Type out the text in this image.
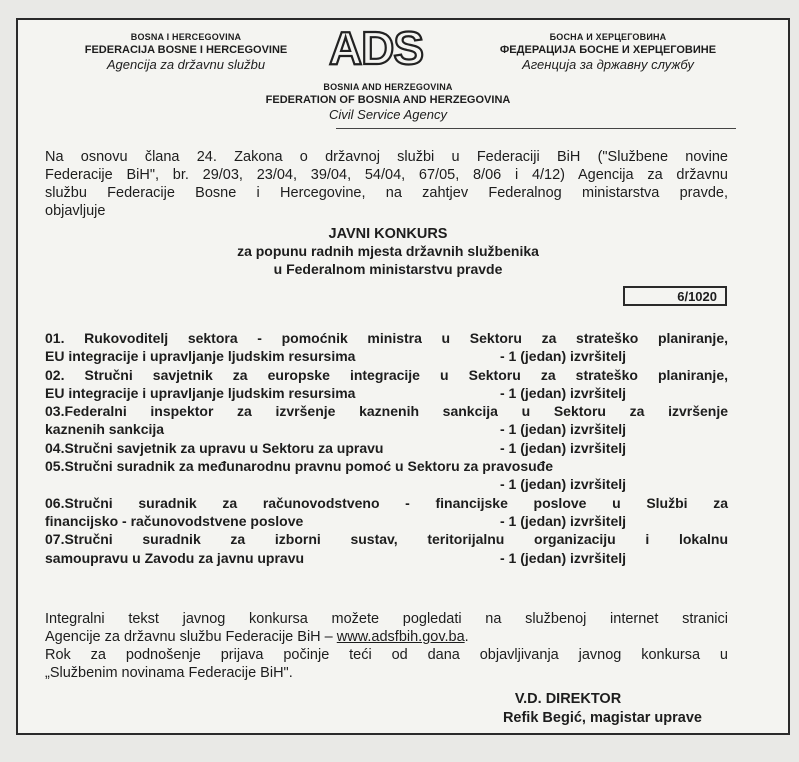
BOSNA I HERCEGOVINA
FEDERACIJA BOSNE I HERCEGOVINE
Agencija za državnu službu	ADS	БОСНА И ХЕРЦЕГОВИНА
ФЕДЕРАЦИЈА БОСНЕ И ХЕРЦЕГОВИНЕ
Агенција за државну службу
BOSNIA AND HERZEGOVINA
FEDERATION OF BOSNIA AND HERZEGOVINA
Civil Service Agency
Na osnovu člana 24. Zakona o državnoj službi u Federaciji BiH ("Službene novine
Federacije BiH", br. 29/03, 23/04, 39/04, 54/04, 67/05, 8/06 i 4/12) Agencija za državnu
službu Federacije Bosne i Hercegovine, na zahtjev Federalnog ministarstva pravde,
objavljuje
JAVNI KONKURS
za popunu radnih mjesta državnih službenika
u Federalnom ministarstvu pravde
6/1020
01. Rukovoditelj sektora - pomoćnik ministra u Sektoru za strateško planiranje,
EU integracije i upravljanje ljudskim resursima	- 1 (jedan) izvršitelj
02. Stručni savjetnik za europske integracije u Sektoru za strateško planiranje,
EU integracije i upravljanje ljudskim resursima	- 1 (jedan) izvršitelj
03.Federalni inspektor za izvršenje kaznenih sankcija u Sektoru za izvršenje
kaznenih sankcija	- 1 (jedan) izvršitelj
04.Stručni savjetnik za upravu u Sektoru za upravu	- 1 (jedan) izvršitelj
05.Stručni suradnik za međunarodnu pravnu pomoć u Sektoru za pravosuđe
- 1 (jedan) izvršitelj
06.Stručni suradnik za računovodstveno - financijske poslove u Službi za
financijsko - računovodstvene poslove	- 1 (jedan) izvršitelj
07.Stručni suradnik za izborni sustav, teritorijalnu organizaciju i lokalnu
samoupravu u Zavodu za javnu upravu	- 1 (jedan) izvršitelj
Integralni tekst javnog konkursa možete pogledati na službenoj internet stranici
Agencije za državnu službu Federacije BiH – www.adsfbih.gov.ba.
Rok za podnošenje prijava počinje teći od dana objavljivanja javnog konkursa u
„Službenim novinama Federacije BiH".
V.D. DIREKTOR
Refik Begić, magistar uprave
